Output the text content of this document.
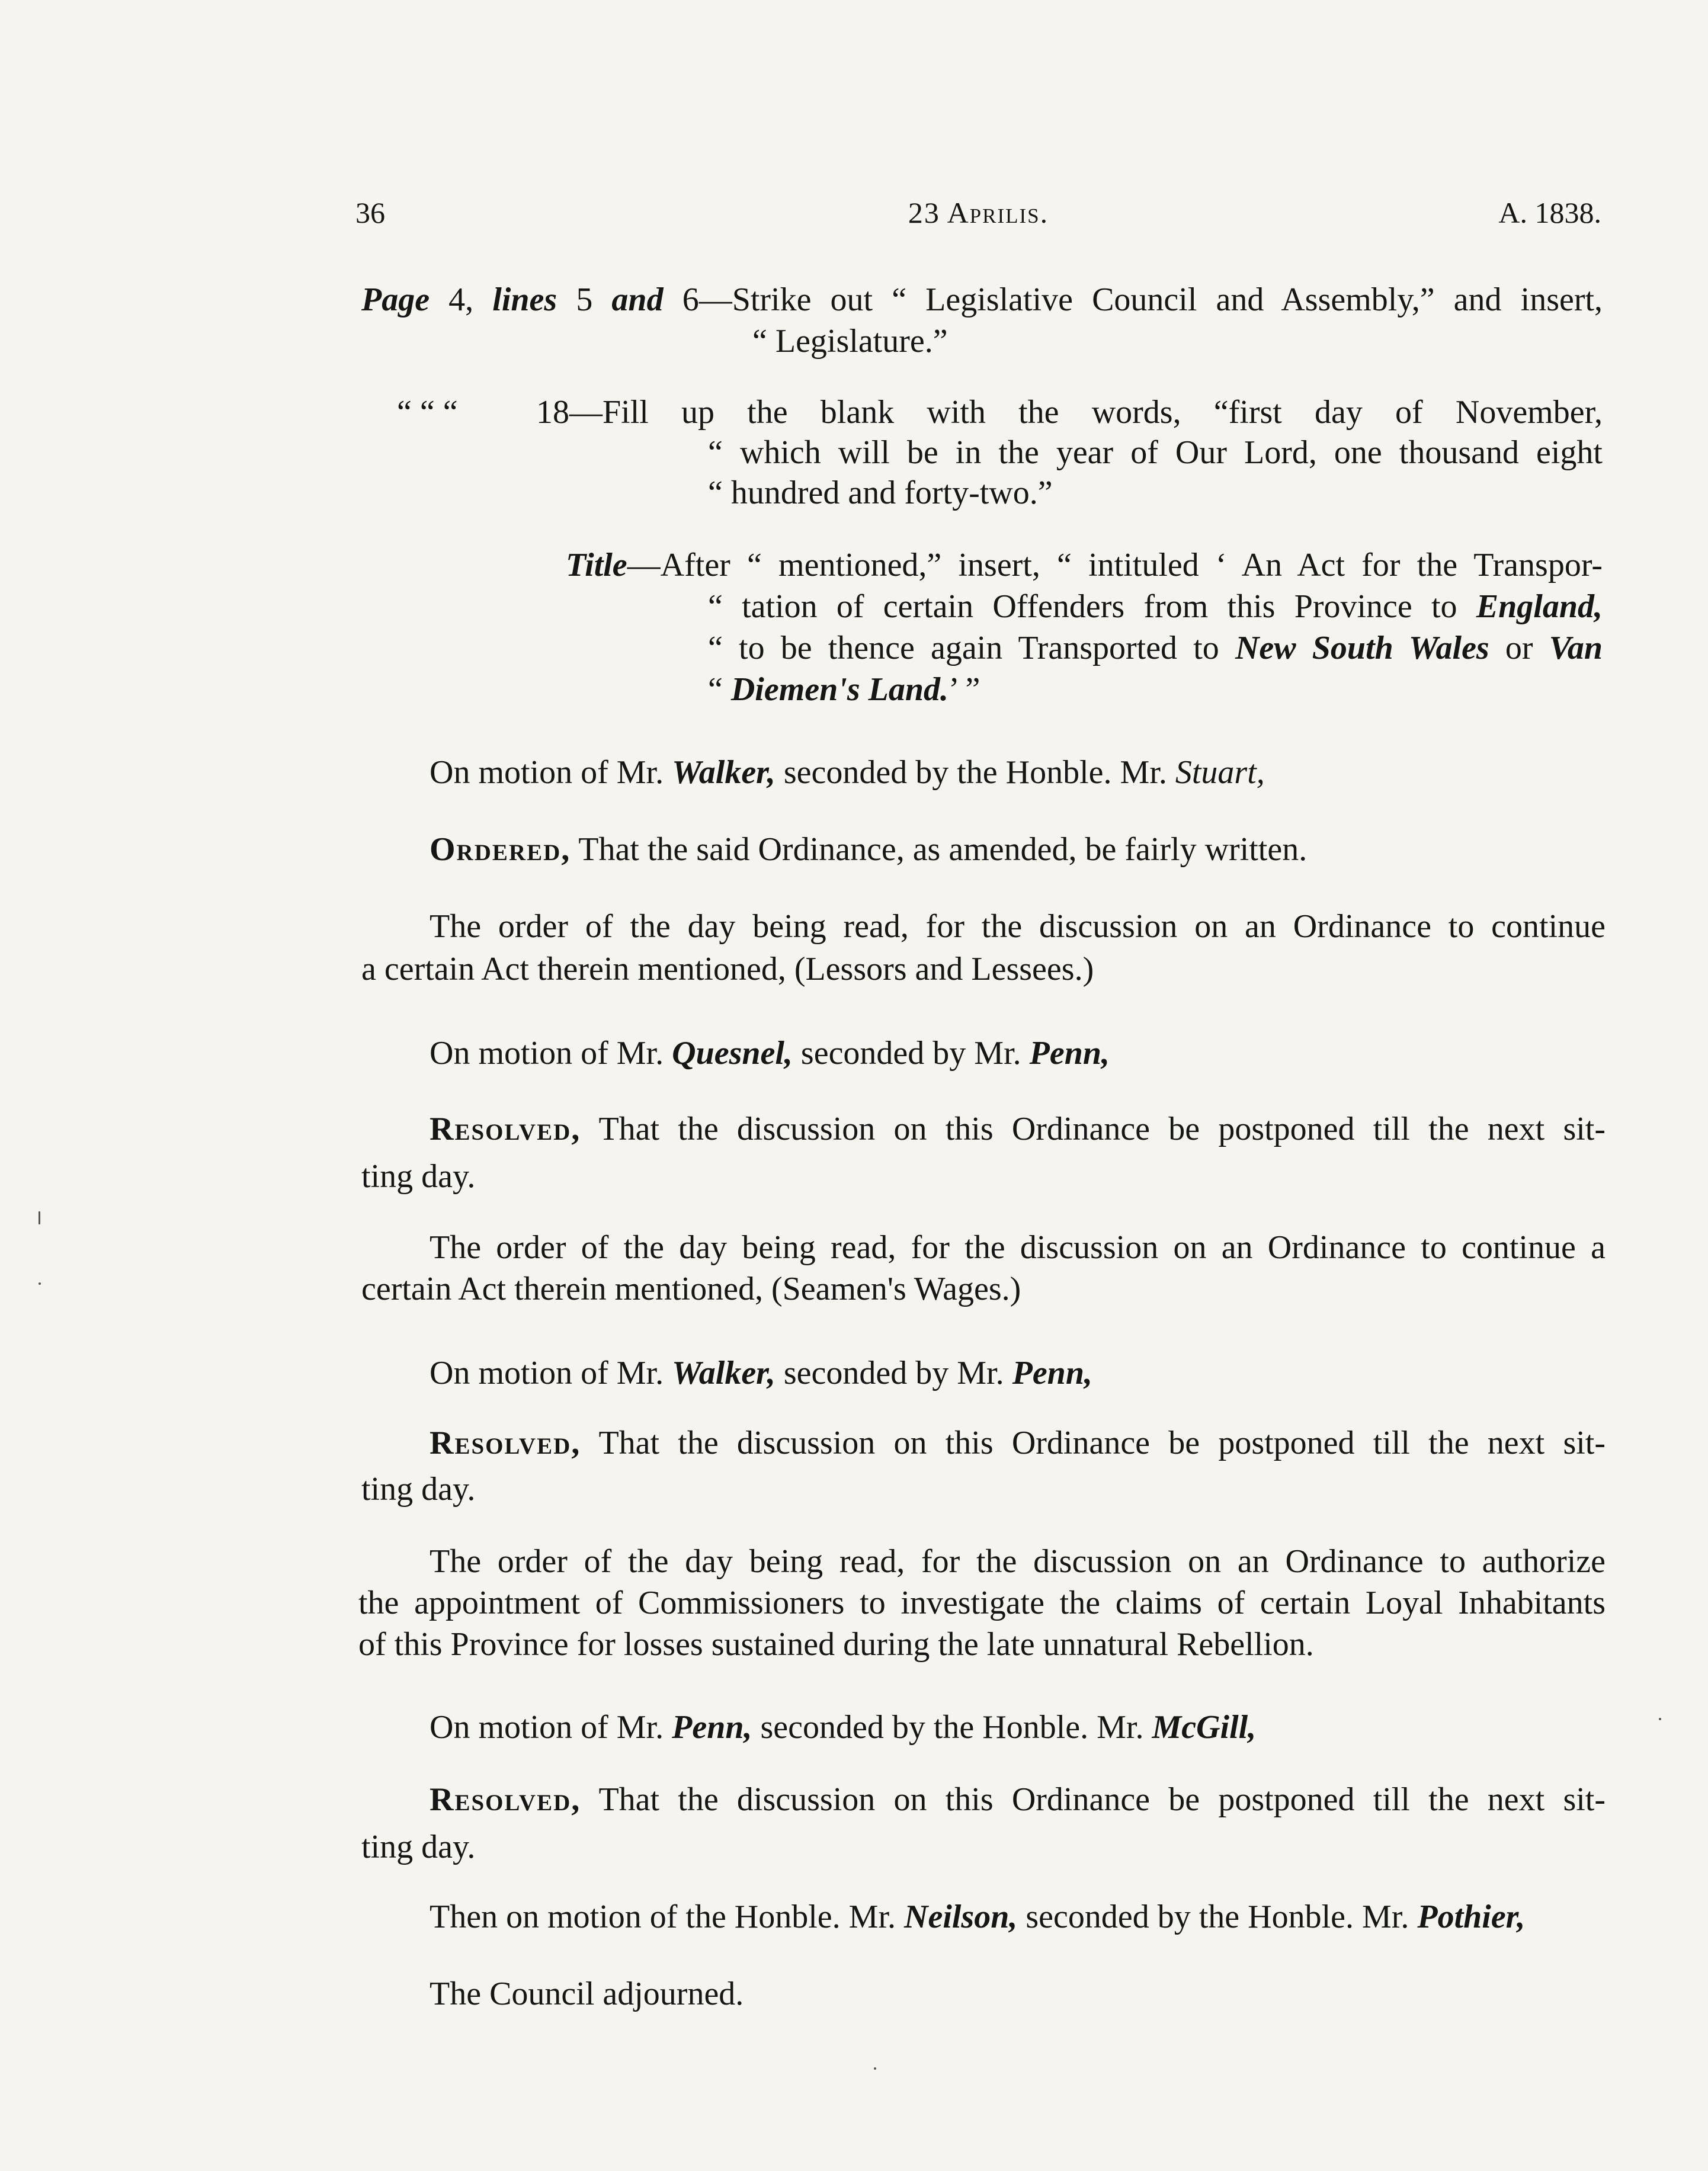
36	23 Aprilis.	A. 1838.
Page 4, lines 5 and 6—Strike out “ Legislative Council and Assembly,” and insert,
“ Legislature.”
“ “ “ 18—Fill up the blank with the words, “first day of November,
“ which will be in the year of Our Lord, one thousand eight
“ hundred and forty-two.”
Title—After “ mentioned,” insert, “ intituled ‘ An Act for the Transpor-
“ tation of certain Offenders from this Province to England,
“ to be thence again Transported to New South Wales or Van
“ Diemen's Land.’ ”
On motion of Mr. Walker, seconded by the Honble. Mr. Stuart,
Ordered, That the said Ordinance, as amended, be fairly written.
The order of the day being read, for the discussion on an Ordinance to continue
a certain Act therein mentioned, (Lessors and Lessees.)
On motion of Mr. Quesnel, seconded by Mr. Penn,
Resolved, That the discussion on this Ordinance be postponed till the next sit-
ting day.
The order of the day being read, for the discussion on an Ordinance to continue a
certain Act therein mentioned, (Seamen's Wages.)
On motion of Mr. Walker, seconded by Mr. Penn,
Resolved, That the discussion on this Ordinance be postponed till the next sit-
ting day.
The order of the day being read, for the discussion on an Ordinance to authorize
the appointment of Commissioners to investigate the claims of certain Loyal Inhabitants
of this Province for losses sustained during the late unnatural Rebellion.
On motion of Mr. Penn, seconded by the Honble. Mr. McGill,
Resolved, That the discussion on this Ordinance be postponed till the next sit-
ting day.
Then on motion of the Honble. Mr. Neilson, seconded by the Honble. Mr. Pothier,
The Council adjourned.
